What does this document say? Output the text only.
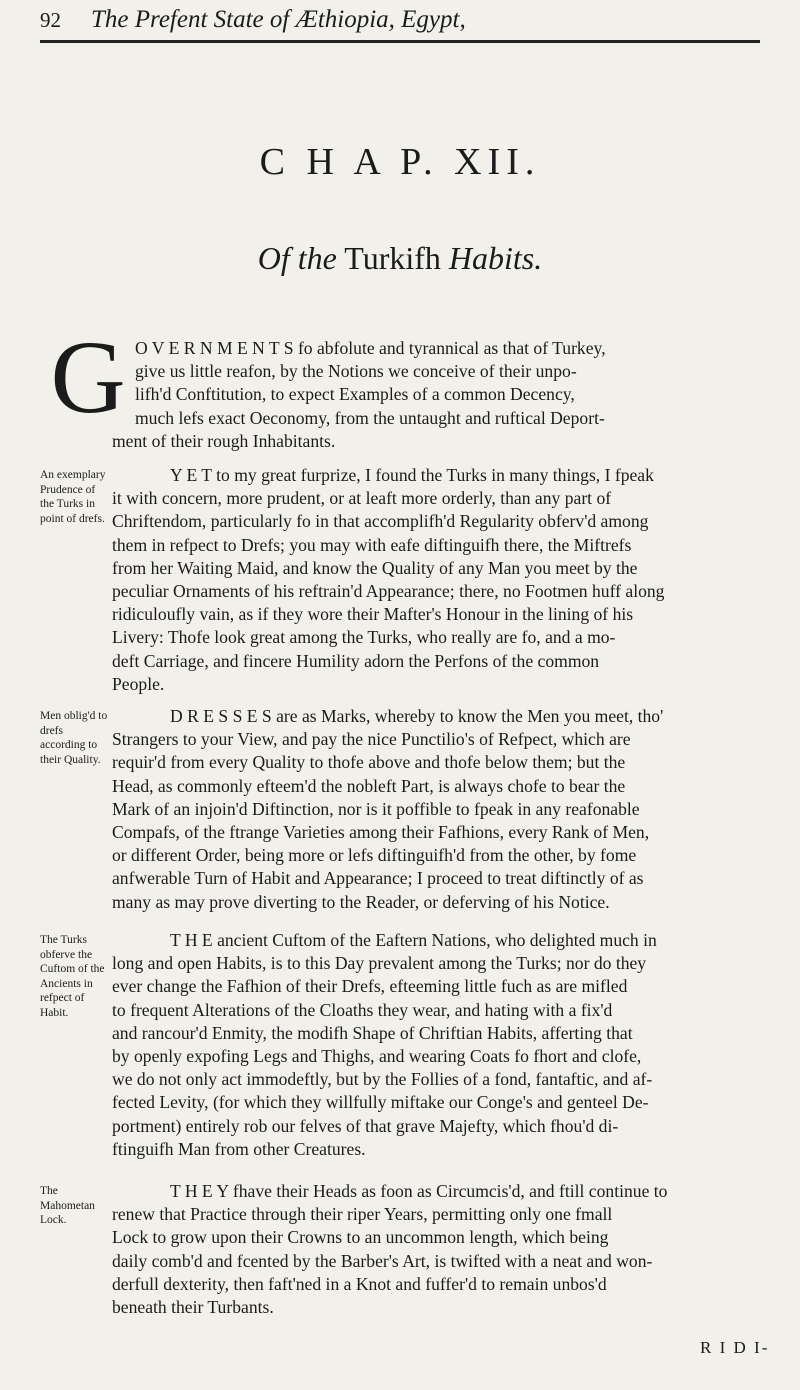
92 The Prefent State of Æthiopia, Egypt,
C H A P. XII.
Of the Turkifh Habits.
G O V E R N M E N T S fo abfolute and tyrannical as that of Turkey,
give us little reafon, by the Notions we conceive of their unpo-
lifh'd Conftitution, to expect Examples of a common Decency,
much lefs exact Oeconomy, from the untaught and ruftical Deport-
ment of their rough Inhabitants.
Y E T to my great furprize, I found the Turks in many things, I fpeak
it with concern, more prudent, or at leaft more orderly, than any part of
Chriftendom, particularly fo in that accomplifh'd Regularity obferv'd among
them in refpect to Drefs; you may with eafe diftinguifh there, the Miftrefs
from her Waiting Maid, and know the Quality of any Man you meet by the
peculiar Ornaments of his reftrain'd Appearance; there, no Footmen huff along
ridiculoufly vain, as if they wore their Mafter's Honour in the lining of his
Livery: Thofe look great among the Turks, who really are fo, and a mo-
deft Carriage, and fincere Humility adorn the Perfons of the common
People.
D R E S S E S are as Marks, whereby to know the Men you meet, tho'
Strangers to your View, and pay the nice Punctilio's of Refpect, which are
requir'd from every Quality to thofe above and thofe below them; but the
Head, as commonly efteem'd the nobleft Part, is always chofe to bear the
Mark of an injoin'd Diftinction, nor is it poffible to fpeak in any reafonable
Compafs, of the ftrange Varieties among their Fafhions, every Rank of Men,
or different Order, being more or lefs diftinguifh'd from the other, by fome
anfwerable Turn of Habit and Appearance; I proceed to treat diftinctly of as
many as may prove diverting to the Reader, or deferving of his Notice.
T H E ancient Cuftom of the Eaftern Nations, who delighted much in
long and open Habits, is to this Day prevalent among the Turks; nor do they
ever change the Fafhion of their Drefs, efteeming little fuch as are mifled
to frequent Alterations of the Cloaths they wear, and hating with a fix'd
and rancour'd Enmity, the modifh Shape of Chriftian Habits, afferting that
by openly expofing Legs and Thighs, and wearing Coats fo fhort and clofe,
we do not only act immodeftly, but by the Follies of a fond, fantaftic, and af-
fected Levity, (for which they willfully miftake our Conge's and genteel De-
portment) entirely rob our felves of that grave Majefty, which fhou'd di-
ftinguifh Man from other Creatures.
T H E Y fhave their Heads as foon as Circumcis'd, and ftill continue to
renew that Practice through their riper Years, permitting only one fmall
Lock to grow upon their Crowns to an uncommon length, which being
daily comb'd and fcented by the Barber's Art, is twifted with a neat and won-
derfull dexterity, then faft'ned in a Knot and fuffer'd to remain unbos'd
beneath their Turbants.
An exemplary Prudence of the Turks in point of drefs.
Men oblig'd to drefs according to their Quality.
The Turks obferve the Cuftom of the Ancients in refpect of Habit.
The Mahometan Lock.
R I D I-
